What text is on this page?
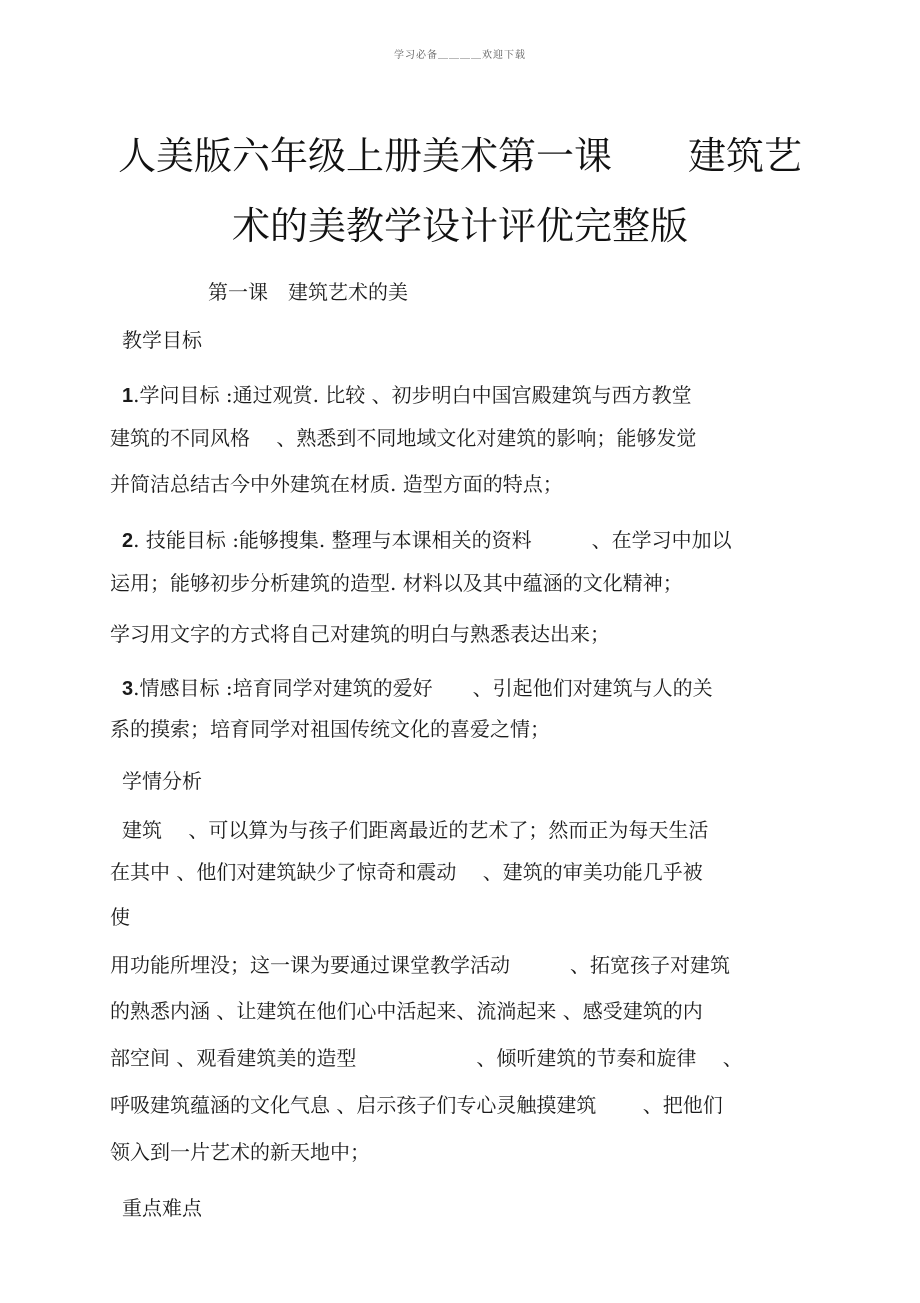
学习必备＿＿＿＿欢迎下载
人美版六年级上册美术第一课　　建筑艺
术的美教学设计评优完整版
第一课　建筑艺术的美
教学目标
1.学问目标 :通过观赏. 比较 、初步明白中国宫殿建筑与西方教堂
建筑的不同风格　 、熟悉到不同地域文化对建筑的影响；能够发觉
并简洁总结古今中外建筑在材质. 造型方面的特点；
2. 技能目标 :能够搜集. 整理与本课相关的资料　　　、在学习中加以
运用；能够初步分析建筑的造型. 材料以及其中蕴涵的文化精神；
学习用文字的方式将自己对建筑的明白与熟悉表达出来；
3.情感目标 :培育同学对建筑的爱好　　、引起他们对建筑与人的关
系的摸索；培育同学对祖国传统文化的喜爱之情；
学情分析
建筑　 、可以算为与孩子们距离最近的艺术了；然而正为每天生活
在其中 、他们对建筑缺少了惊奇和震动　 、建筑的审美功能几乎被
使
用功能所埋没；这一课为要通过课堂教学活动　　　、拓宽孩子对建筑
的熟悉内涵 、让建筑在他们心中活起来、流淌起来 、感受建筑的内
部空间 、观看建筑美的造型　　　　　　、倾听建筑的节奏和旋律　 、
呼吸建筑蕴涵的文化气息 、启示孩子们专心灵触摸建筑　　 、把他们
领入到一片艺术的新天地中；
重点难点
